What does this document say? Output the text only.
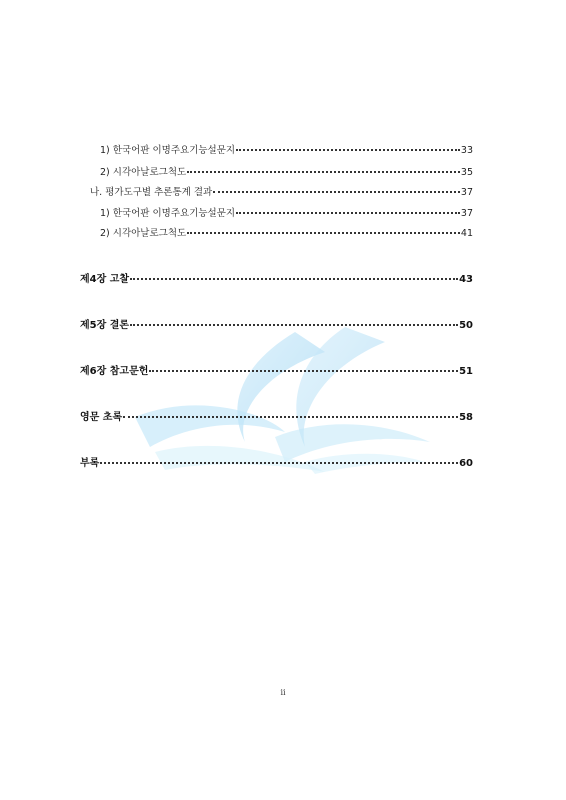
1) 한국어판 이명주요기능설문지	33
2) 시각아날로그척도	35
나. 평가도구별 추론통계 결과	37
1) 한국어판 이명주요기능설문지	37
2) 시각아날로그척도	41
제4장 고찰	43
제5장 결론	50
제6장 참고문헌	51
영문 초록	58
부록	60
ii
